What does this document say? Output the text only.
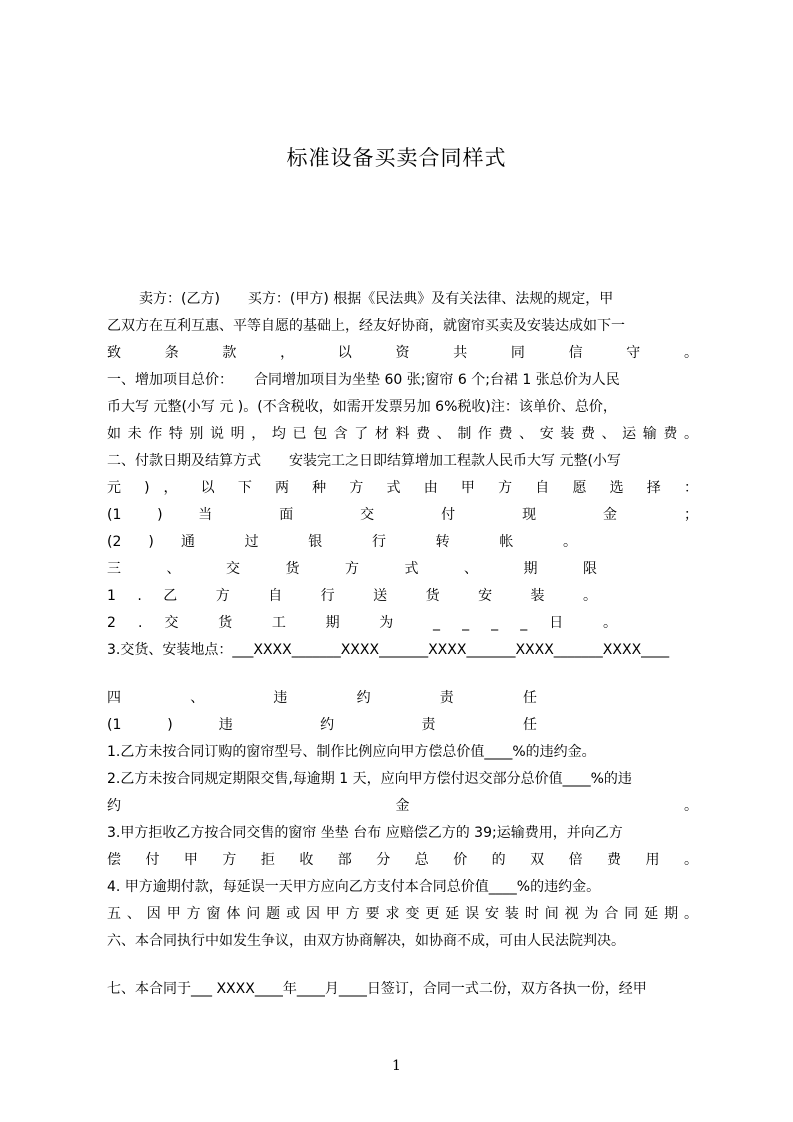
标准设备买卖合同样式
卖方：(乙方)　　买方：(甲方) 根据《民法典》及有关法律、法规的规定，甲
乙双方在互利互惠、平等自愿的基础上，经友好协商，就窗帘买卖及安装达成如下一
致 条 款 ， 以 资 共 同 信 守 。
一、增加项目总价：　　合同增加项目为坐垫 60 张;窗帘 6 个;台裙 1 张总价为人民
币大写 元整(小写 元 )。(不含税收，如需开发票另加 6%税收)注：该单价、总价，
如未作特别说明，均已包含了材料费、制作费、安装费、运输费。
二、付款日期及结算方式　　安装完工之日即结算增加工程款人民币大写 元整(小写
元 ) ， 以 下 两 种 方 式 由 甲 方 自 愿 选 择 ：
(1 ) 当 面 交 付 现 金 ；
(2 ) 通 过 银 行 转 帐 。
三 、 交 货 方 式 、 期 限
1 . 乙 方 自 行 送 货 安 装 。
2 . 交 货 工 期 为 _ _ _ _ 日 。
3.交货、安装地点：___XXXX_______XXXX_______XXXX_______XXXX_______XXXX____
四 、 违 约 责 任
(1 ) 违 约 责 任
1.乙方未按合同订购的窗帘型号、制作比例应向甲方偿总价值____%的违约金。
2.乙方未按合同规定期限交售,每逾期 1 天，应向甲方偿付迟交部分总价值____%的违
约 金 。
3.甲方拒收乙方按合同交售的窗帘 坐垫 台布 应赔偿乙方的 39;运输费用，并向乙方
偿 付 甲 方 拒 收 部 分 总 价 的 双 倍 费 用 。
4. 甲方逾期付款，每延误一天甲方应向乙方支付本合同总价值____%的违约金。
五、因甲方窗体问题或因甲方要求变更延误安装时间视为合同延期。
六、本合同执行中如发生争议，由双方协商解决，如协商不成，可由人民法院判决。
七、本合同于___ XXXX____年____月____日签订，合同一式二份，双方各执一份，经甲
1
